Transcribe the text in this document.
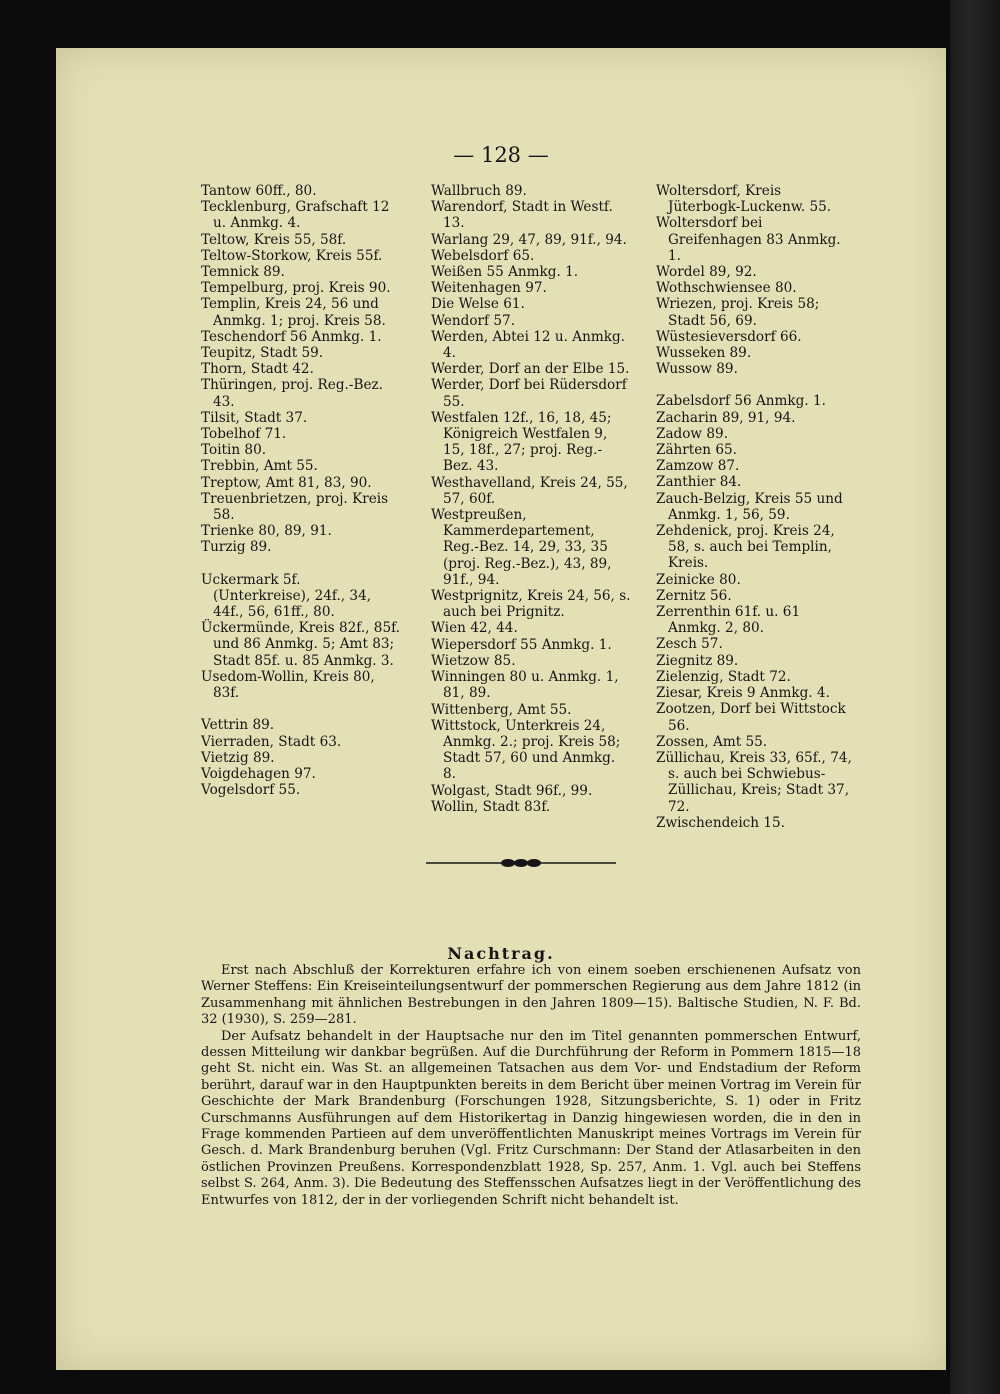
— 128 —
Tantow 60ff., 80.
Tecklenburg, Grafschaft 12 u. Anmkg. 4.
Teltow, Kreis 55, 58f.
Teltow-Storkow, Kreis 55f.
Temnick 89.
Tempelburg, proj. Kreis 90.
Templin, Kreis 24, 56 und Anmkg. 1; proj. Kreis 58.
Teschendorf 56 Anmkg. 1.
Teupitz, Stadt 59.
Thorn, Stadt 42.
Thüringen, proj. Reg.-Bez. 43.
Tilsit, Stadt 37.
Tobelhof 71.
Toitin 80.
Trebbin, Amt 55.
Treptow, Amt 81, 83, 90.
Treuenbrietzen, proj. Kreis 58.
Trienke 80, 89, 91.
Turzig 89.
Uckermark 5f. (Unterkreise), 24f., 34, 44f., 56, 61ff., 80.
Ückermünde, Kreis 82f., 85f. und 86 Anmkg. 5; Amt 83; Stadt 85f. u. 85 Anmkg. 3.
Usedom-Wollin, Kreis 80, 83f.
Vettrin 89.
Vierraden, Stadt 63.
Vietzig 89.
Voigdehagen 97.
Vogelsdorf 55.
Wallbruch 89.
Warendorf, Stadt in Westf. 13.
Warlang 29, 47, 89, 91f., 94.
Webelsdorf 65.
Weißen 55 Anmkg. 1.
Weitenhagen 97.
Die Welse 61.
Wendorf 57.
Werden, Abtei 12 u. Anmkg. 4.
Werder, Dorf an der Elbe 15.
Werder, Dorf bei Rüdersdorf 55.
Westfalen 12f., 16, 18, 45; Königreich Westfalen 9, 15, 18f., 27; proj. Reg.-Bez. 43.
Westhavelland, Kreis 24, 55, 57, 60f.
Westpreußen, Kammerdepartement, Reg.-Bez. 14, 29, 33, 35 (proj. Reg.-Bez.), 43, 89, 91f., 94.
Westprignitz, Kreis 24, 56, s. auch bei Prignitz.
Wien 42, 44.
Wiepersdorf 55 Anmkg. 1.
Wietzow 85.
Winningen 80 u. Anmkg. 1, 81, 89.
Wittenberg, Amt 55.
Wittstock, Unterkreis 24, Anmkg. 2.; proj. Kreis 58; Stadt 57, 60 und Anmkg. 8.
Wolgast, Stadt 96f., 99.
Wollin, Stadt 83f.
Woltersdorf, Kreis Jüterbogk-Luckenw. 55.
Woltersdorf bei Greifenhagen 83 Anmkg. 1.
Wordel 89, 92.
Wothschwiensee 80.
Wriezen, proj. Kreis 58; Stadt 56, 69.
Wüstesieversdorf 66.
Wusseken 89.
Wussow 89.
Zabelsdorf 56 Anmkg. 1.
Zacharin 89, 91, 94.
Zadow 89.
Zährten 65.
Zamzow 87.
Zanthier 84.
Zauch-Belzig, Kreis 55 und Anmkg. 1, 56, 59.
Zehdenick, proj. Kreis 24, 58, s. auch bei Templin, Kreis.
Zeinicke 80.
Zernitz 56.
Zerrenthin 61f. u. 61 Anmkg. 2, 80.
Zesch 57.
Ziegnitz 89.
Zielenzig, Stadt 72.
Ziesar, Kreis 9 Anmkg. 4.
Zootzen, Dorf bei Wittstock 56.
Zossen, Amt 55.
Züllichau, Kreis 33, 65f., 74, s. auch bei Schwiebus-Züllichau, Kreis; Stadt 37, 72.
Zwischendeich 15.
Nachtrag.

Erst nach Abschluß der Korrekturen erfahre ich von einem soeben erschienenen Aufsatz von Werner Steffens: Ein Kreiseinteilungsentwurf der pommerschen Regierung aus dem Jahre 1812 (in Zusammenhang mit ähnlichen Bestrebungen in den Jahren 1809—15). Baltische Studien, N. F. Bd. 32 (1930), S. 259—281.

Der Aufsatz behandelt in der Hauptsache nur den im Titel genannten pommerschen Entwurf, dessen Mitteilung wir dankbar begrüßen. Auf die Durchführung der Reform in Pommern 1815—18 geht St. nicht ein. Was St. an allgemeinen Tatsachen aus dem Vor- und Endstadium der Reform berührt, darauf war in den Hauptpunkten bereits in dem Bericht über meinen Vortrag im Verein für Geschichte der Mark Brandenburg (Forschungen 1928, Sitzungsberichte, S. 1) oder in Fritz Curschmanns Ausführungen auf dem Historikertag in Danzig hingewiesen worden, die in den in Frage kommenden Partieen auf dem unveröffentlichten Manuskript meines Vortrags im Verein für Gesch. d. Mark Brandenburg beruhen (Vgl. Fritz Curschmann: Der Stand der Atlasarbeiten in den östlichen Provinzen Preußens. Korrespondenzblatt 1928, Sp. 257, Anm. 1. Vgl. auch bei Steffens selbst S. 264, Anm. 3). Die Bedeutung des Steffensschen Aufsatzes liegt in der Veröffentlichung des Entwurfes von 1812, der in der vorliegenden Schrift nicht behandelt ist.
